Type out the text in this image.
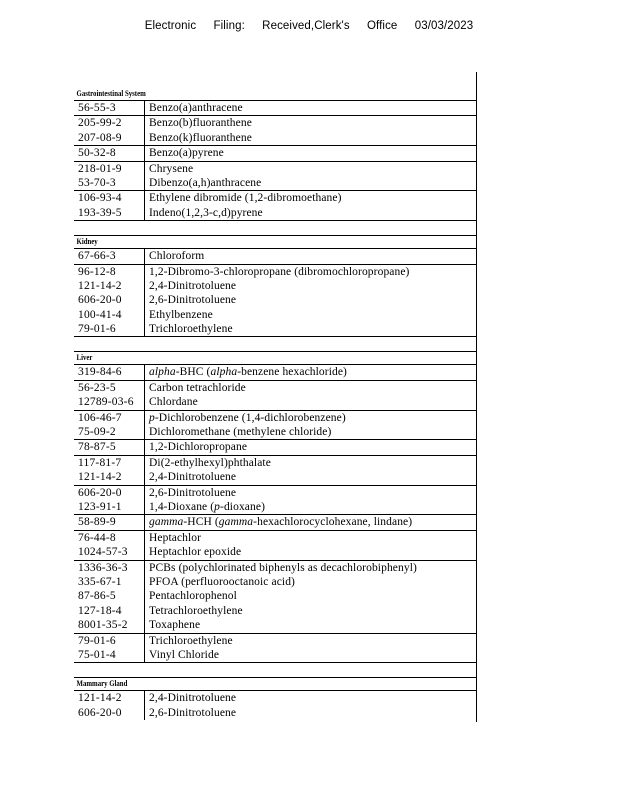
Electronic Filing: Received,Clerk's Office 03/03/2023
Gastrointestinal System
56-55-3	Benzo(a)anthracene
205-99-2	Benzo(b)fluoranthene
207-08-9	Benzo(k)fluoranthene
50-32-8	Benzo(a)pyrene
218-01-9	Chrysene
53-70-3	Dibenzo(a,h)anthracene
106-93-4	Ethylene dibromide (1,2-dibromoethane)
193-39-5	Indeno(1,2,3-c,d)pyrene
Kidney
67-66-3	Chloroform
96-12-8	1,2-Dibromo-3-chloropropane (dibromochloropropane)
121-14-2	2,4-Dinitrotoluene
606-20-0	2,6-Dinitrotoluene
100-41-4	Ethylbenzene
79-01-6	Trichloroethylene
Liver
319-84-6	alpha-BHC (alpha-benzene hexachloride)
56-23-5	Carbon tetrachloride
12789-03-6	Chlordane
106-46-7	p-Dichlorobenzene (1,4-dichlorobenzene)
75-09-2	Dichloromethane (methylene chloride)
78-87-5	1,2-Dichloropropane
117-81-7	Di(2-ethylhexyl)phthalate
121-14-2	2,4-Dinitrotoluene
606-20-0	2,6-Dinitrotoluene
123-91-1	1,4-Dioxane (p-dioxane)
58-89-9	gamma-HCH (gamma-hexachlorocyclohexane, lindane)
76-44-8	Heptachlor
1024-57-3	Heptachlor epoxide
1336-36-3	PCBs (polychlorinated biphenyls as decachlorobiphenyl)
335-67-1	PFOA (perfluorooctanoic acid)
87-86-5	Pentachlorophenol
127-18-4	Tetrachloroethylene
8001-35-2	Toxaphene
79-01-6	Trichloroethylene
75-01-4	Vinyl Chloride
Mammary Gland
121-14-2	2,4-Dinitrotoluene
606-20-0	2,6-Dinitrotoluene
